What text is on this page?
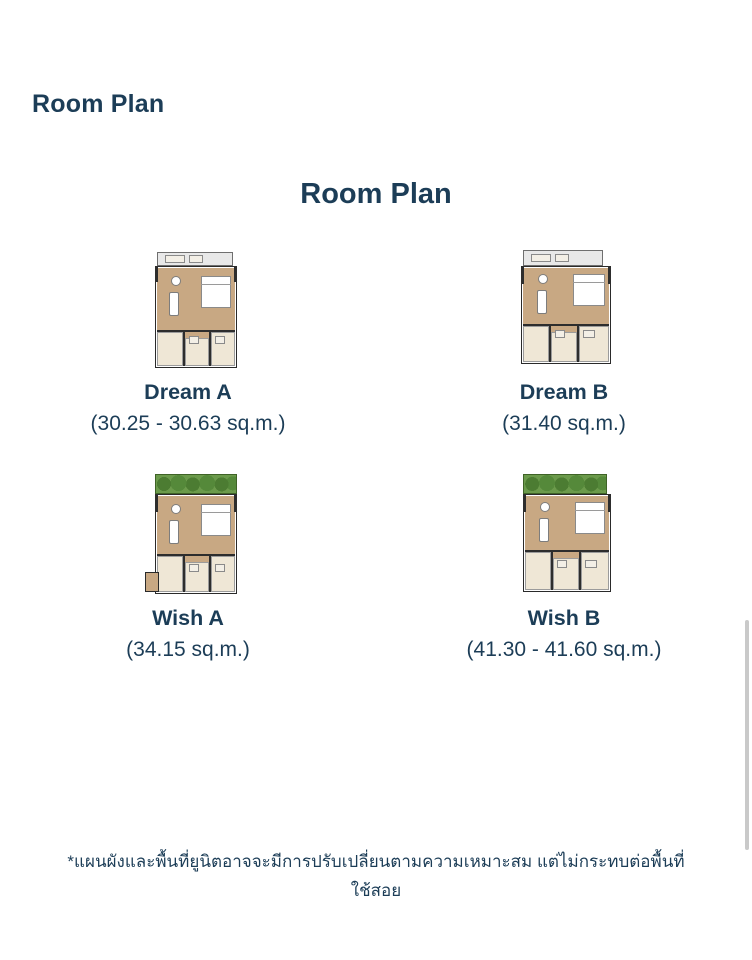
Room Plan
Room Plan
Dream A
(30.25 - 30.63 sq.m.)
Dream B
(31.40 sq.m.)
Wish A
(34.15 sq.m.)
Wish B
(41.30 - 41.60 sq.m.)
*แผนผังและพื้นที่ยูนิตอาจจะมีการปรับเปลี่ยนตามความเหมาะสม แต่ไม่กระทบต่อพื้นที่ใช้สอย
